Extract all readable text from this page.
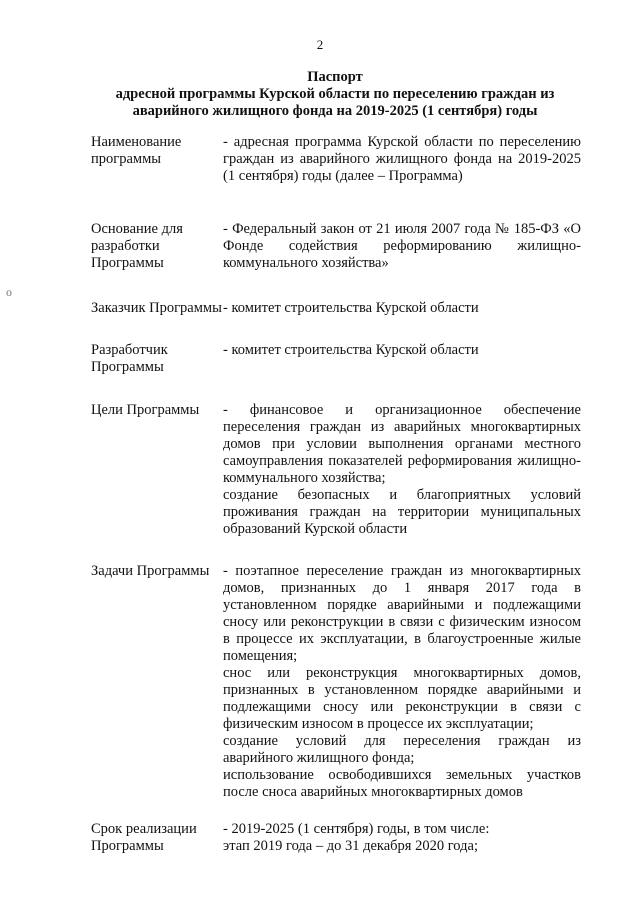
2
о
Паспорт
адресной программы Курской области по переселению граждан из
аварийного жилищного фонда на 2019-2025 (1 сентября) годы
Наименование программы

- адресная программа Курской области по переселению граждан из аварийного жилищного фонда на 2019-2025 (1 сентября) годы (далее – Программа)

Основание для разработки Программы

- Федеральный закон от 21 июля 2007 года № 185-ФЗ «О Фонде содействия реформированию жилищно-коммунального хозяйства»

Заказчик Программы - комитет строительства Курской области

Разработчик Программы

- комитет строительства Курской области

Цели Программы	- финансовое и организационное обеспечение переселения граждан из аварийных многоквартирных домов при условии выполнения органами местного самоуправления показателей реформирования жилищно-коммунального хозяйства;

создание безопасных и благоприятных условий проживания граждан на территории муниципальных образований Курской области

Задачи Программы - поэтапное переселение граждан из многоквартирных домов, признанных до 1 января 2017 года в установленном порядке аварийными и подлежащими сносу или реконструкции в связи с физическим износом в процессе их эксплуатации, в благоустроенные жилые помещения;

снос или реконструкция многоквартирных домов, признанных в установленном порядке аварийными и подлежащими сносу или реконструкции в связи с физическим износом в процессе их эксплуатации;

создание условий для переселения граждан из аварийного жилищного фонда;

использование освободившихся земельных участков после сноса аварийных многоквартирных домов

Срок реализации Программы

- 2019-2025 (1 сентября) годы, в том числе:

этап 2019 года – до 31 декабря 2020 года;
